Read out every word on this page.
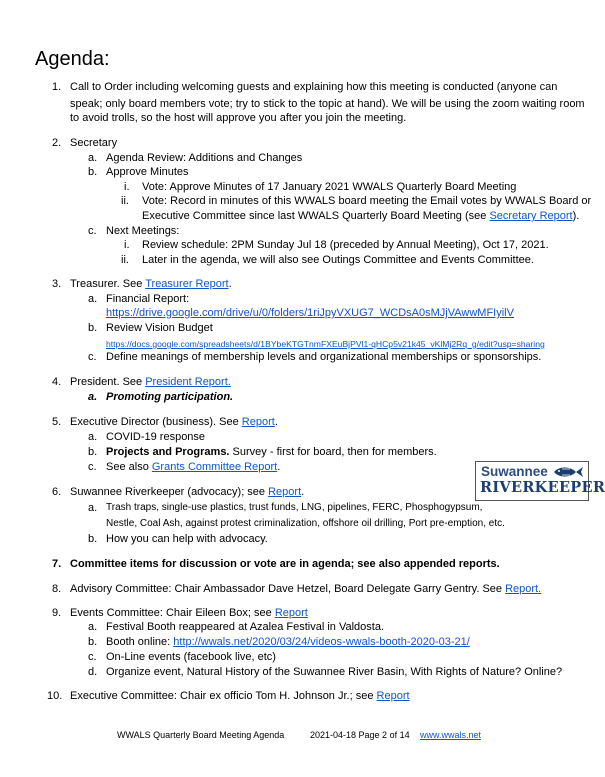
Agenda:
1. Call to Order including welcoming guests and explaining how this meeting is conducted (anyone can
speak; only board members vote; try to stick to the topic at hand). We will be using the zoom waiting room
to avoid trolls, so the host will approve you after you join the meeting.
2. Secretary
a. Agenda Review: Additions and Changes
b. Approve Minutes
i. Vote: Approve Minutes of 17 January 2021 WWALS Quarterly Board Meeting
ii. Vote: Record in minutes of this WWALS board meeting the Email votes by WWALS Board or
Executive Committee since last WWALS Quarterly Board Meeting (see Secretary Report).
c. Next Meetings:
i. Review schedule: 2PM Sunday Jul 18 (preceded by Annual Meeting), Oct 17, 2021.
ii. Later in the agenda, we will also see Outings Committee and Events Committee.
3. Treasurer. See Treasurer Report.
a. Financial Report:
https://drive.google.com/drive/u/0/folders/1riJpyVXUG7_WCDsA0sMJjVAwwMFIyilV
b. Review Vision Budget
https://docs.google.com/spreadsheets/d/1BYbeKTGTnmFXEuBjPVl1-qHCp5v21k45_vKlMj2Rq_g/edit?usp=sharing
c. Define meanings of membership levels and organizational memberships or sponsorships.
4. President. See President Report.
a. Promoting participation.
5. Executive Director (business). See Report.
a. COVID-19 response
b. Projects and Programs. Survey - first for board, then for members.
c. See also Grants Committee Report.	Suwannee
RIVERKEEPER
6. Suwannee Riverkeeper (advocacy); see Report.
a. Trash traps, single-use plastics, trust funds, LNG, pipelines, FERC, Phosphogypsum,
Nestle, Coal Ash, against protest criminalization, offshore oil drilling, Port pre-emption, etc.
b. How you can help with advocacy.
7. Committee items for discussion or vote are in agenda; see also appended reports.
8. Advisory Committee: Chair Ambassador Dave Hetzel, Board Delegate Garry Gentry. See Report.
9. Events Committee: Chair Eileen Box; see Report
a. Festival Booth reappeared at Azalea Festival in Valdosta.
b. Booth online: http://wwals.net/2020/03/24/videos-wwals-booth-2020-03-21/
c. On-Line events (facebook live, etc)
d. Organize event, Natural History of the Suwannee River Basin, With Rights of Nature? Online?
10. Executive Committee: Chair ex officio Tom H. Johnson Jr.; see Report
WWALS Quarterly Board Meeting Agenda	2021-04-18 Page 2 of 14 www.wwals.net
